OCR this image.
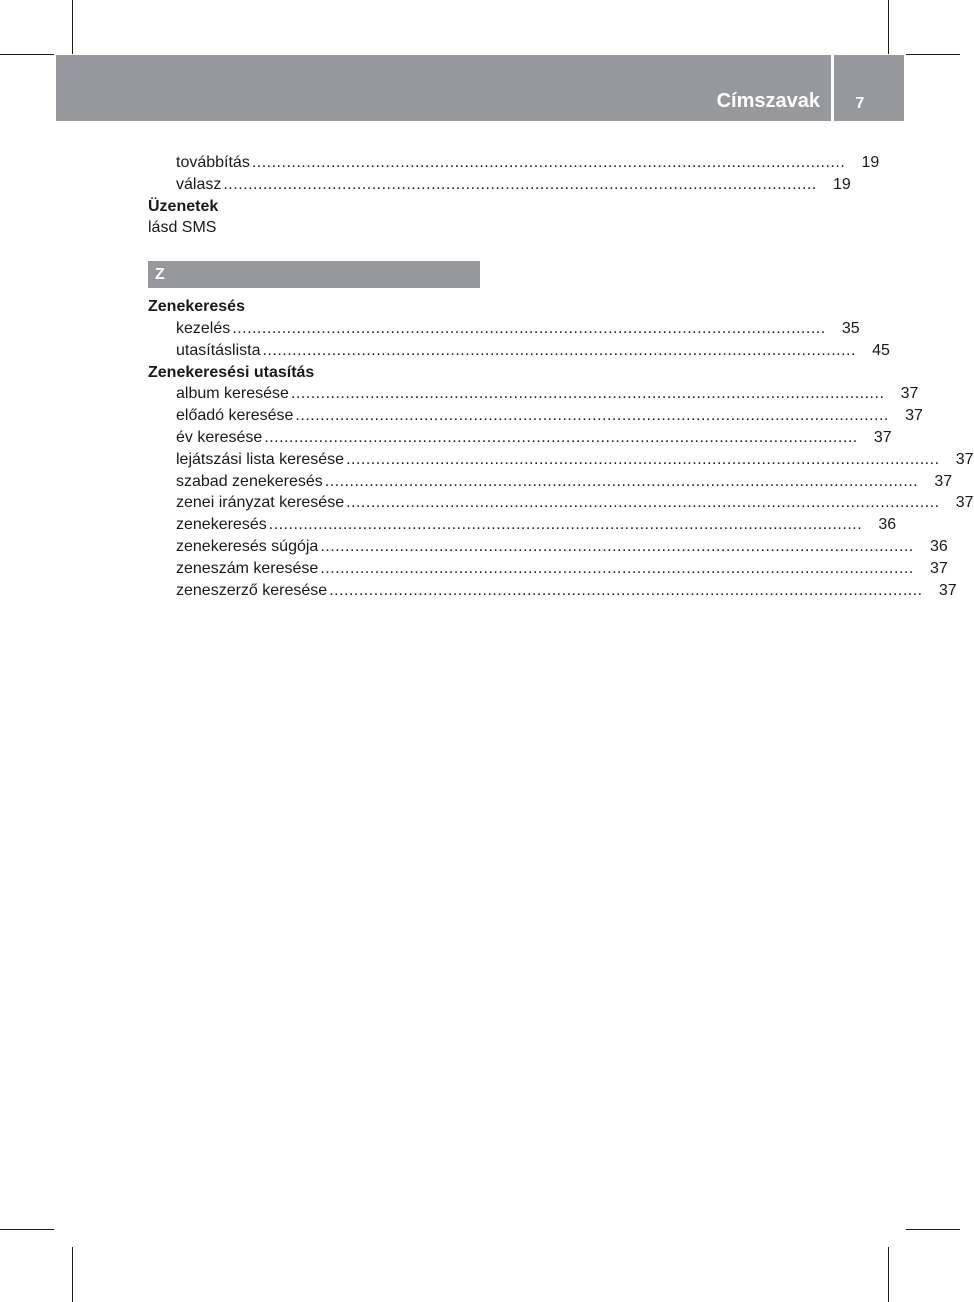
Címszavak	7
továbbítás ........................................................................................................................ 19
válasz ........................................................................................................................ 19
Üzenetek
lásd SMS
Z
Zenekeresés
kezelés ........................................................................................................................ 35
utasításlista ........................................................................................................................ 45
Zenekeresési utasítás
album keresése ........................................................................................................................ 37
előadó keresése ........................................................................................................................ 37
év keresése ........................................................................................................................ 37
lejátszási lista keresése ........................................................................................................................ 37
szabad zenekeresés ........................................................................................................................ 37
zenei irányzat keresése ........................................................................................................................ 37
zenekeresés ........................................................................................................................ 36
zenekeresés súgója ........................................................................................................................ 36
zeneszám keresése ........................................................................................................................ 37
zeneszerző keresése ........................................................................................................................ 37
